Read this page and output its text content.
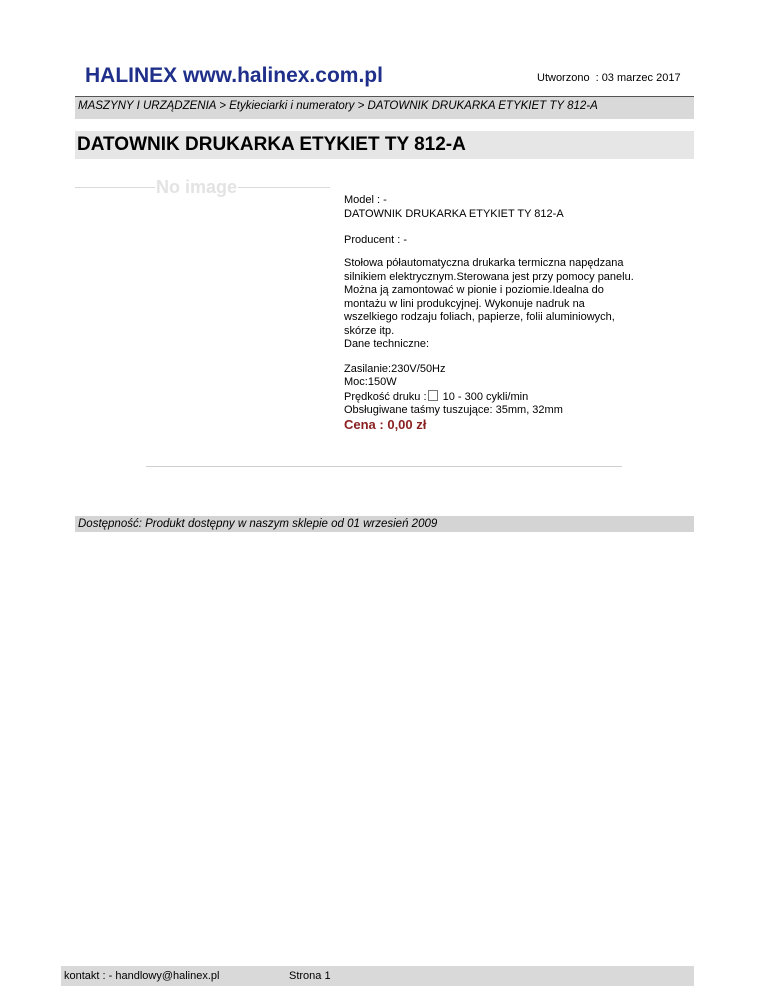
HALINEX www.halinex.com.pl	Utworzono : 03 marzec 2017
MASZYNY I URZĄDZENIA > Etykieciarki i numeratory > DATOWNIK DRUKARKA ETYKIET TY 812-A
DATOWNIK DRUKARKA ETYKIET TY 812-A
No image
Model : -
DATOWNIK DRUKARKA ETYKIET TY 812-A
Producent : -
Stołowa półautomatyczna drukarka termiczna napędzana
silnikiem elektrycznym.Sterowana jest przy pomocy panelu.
Można ją zamontować w pionie i poziomie.Idealna do
montażu w lini produkcyjnej. Wykonuje nadruk na
wszelkiego rodzaju foliach, papierze, folii aluminiowych,
skórze itp.
Dane techniczne:
Zasilanie:230V/50Hz
Moc:150W
Prędkość druku : 10 - 300 cykli/min
Obsługiwane taśmy tuszujące: 35mm, 32mm
Cena : 0,00 zł
Dostępność: Produkt dostępny w naszym sklepie od 01 wrzesień 2009
kontakt : - handlowy@halinex.pl	Strona 1
